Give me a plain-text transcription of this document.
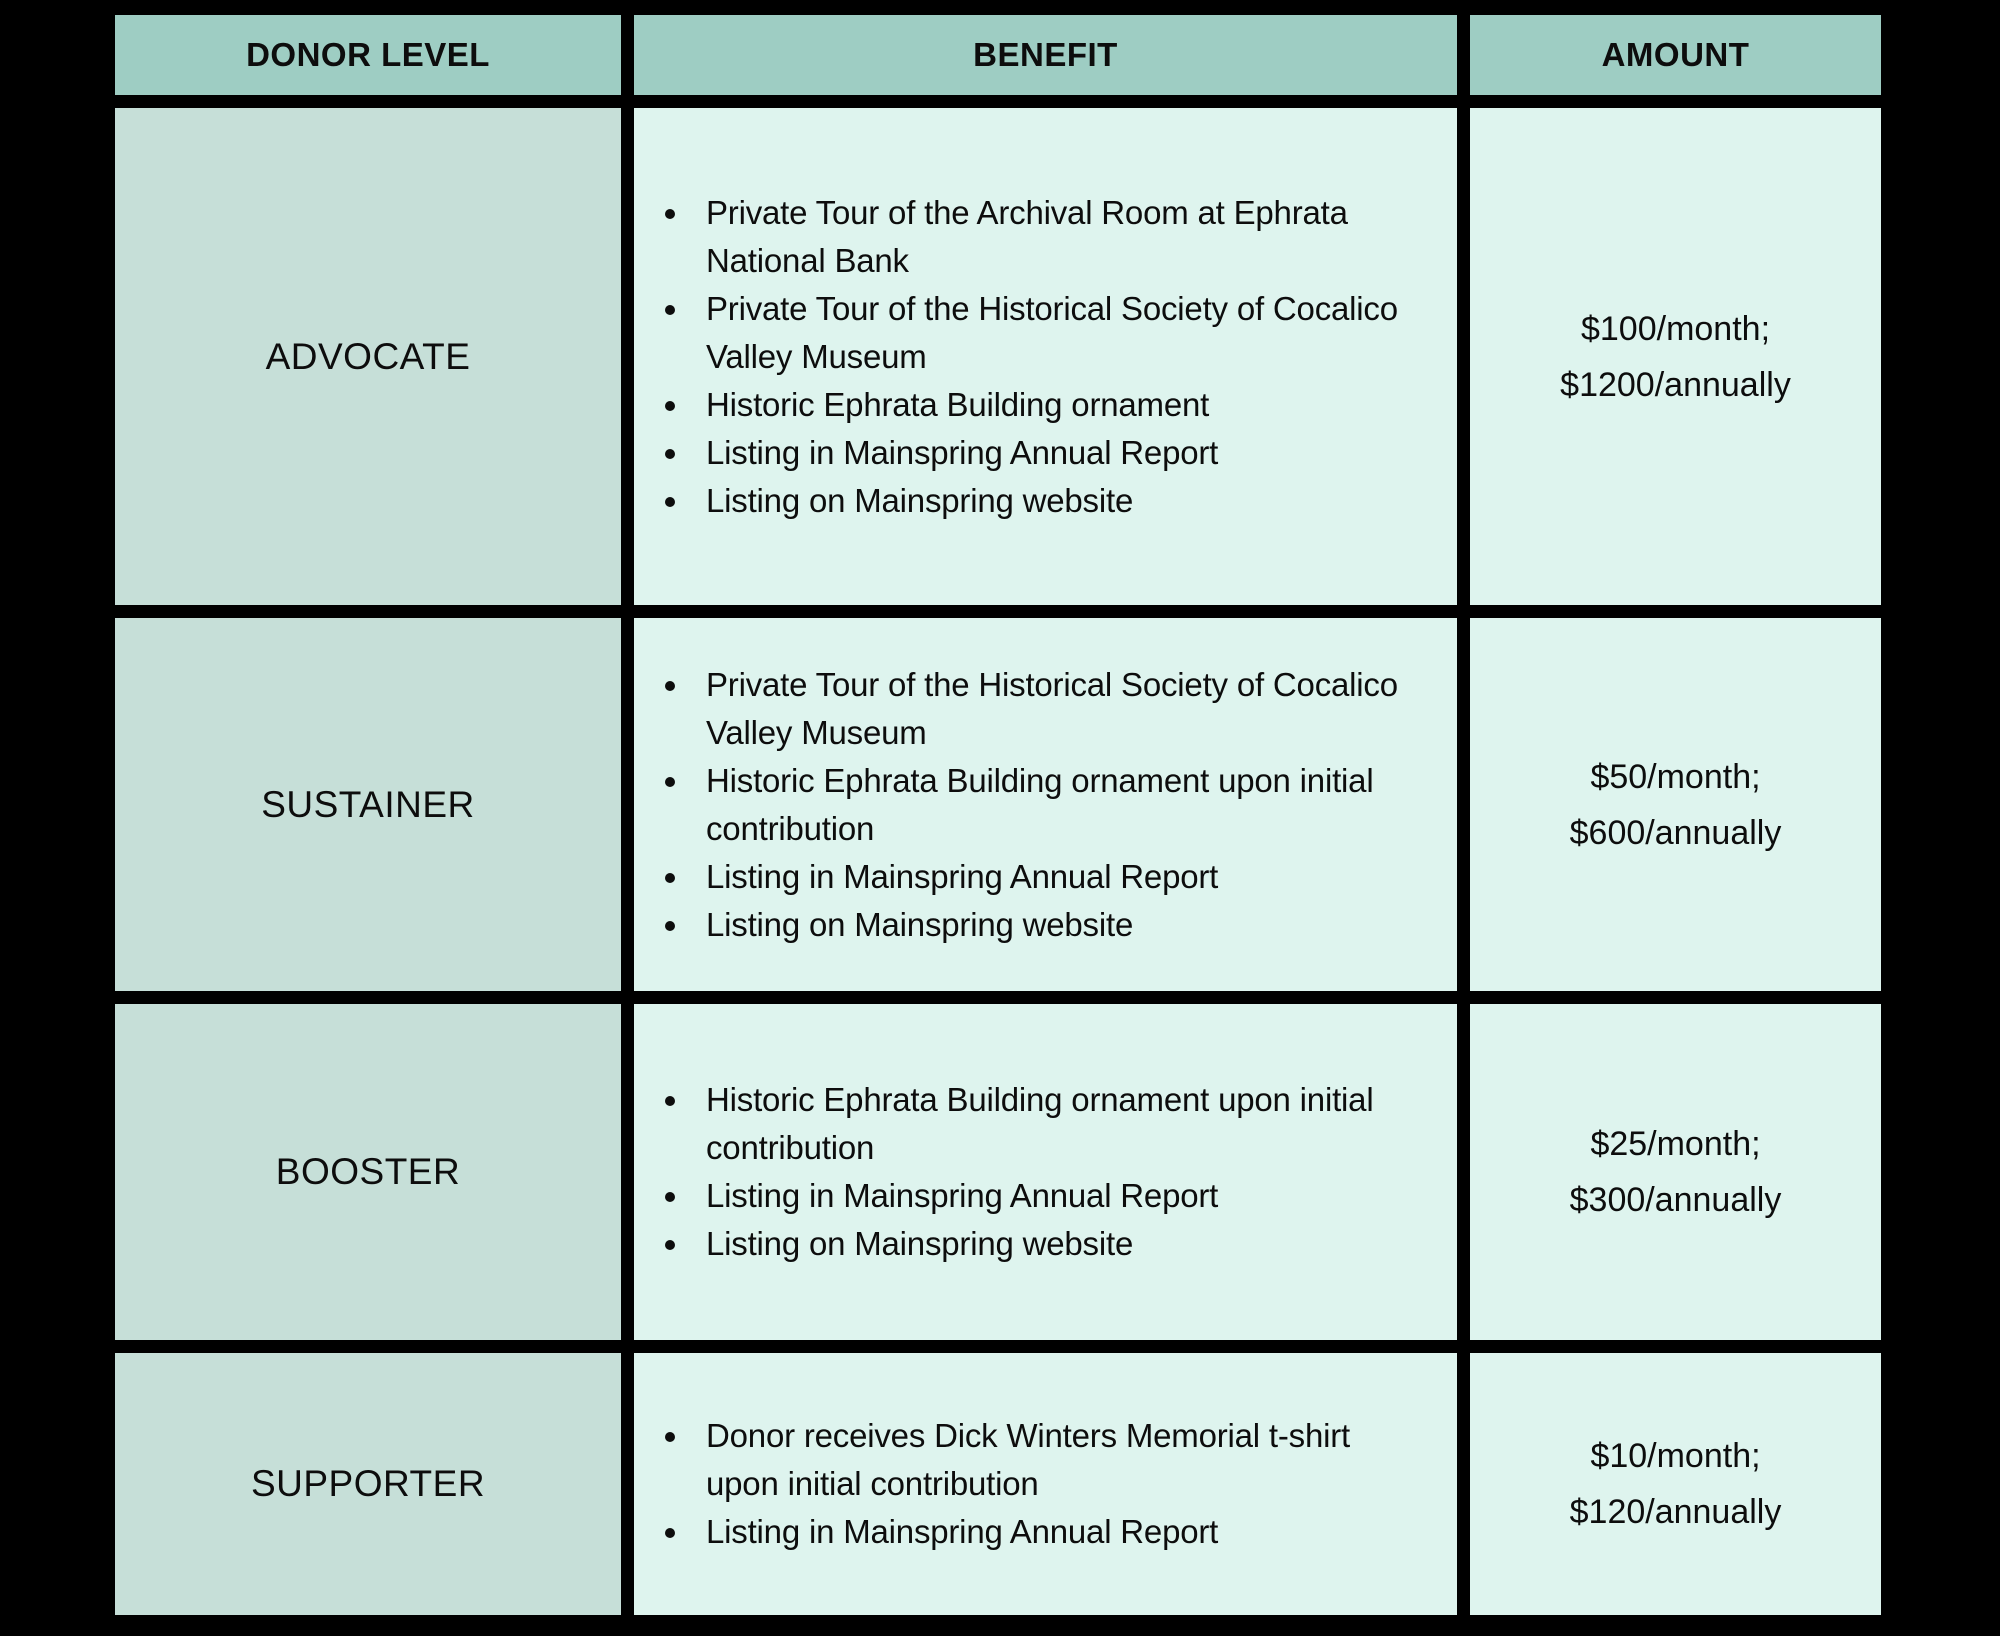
DONOR LEVEL	BENEFIT	AMOUNT
ADVOCATE
• Private Tour of the Archival Room at Ephrata National Bank
• Private Tour of the Historical Society of Cocalico Valley Museum
• Historic Ephrata Building ornament
• Listing in Mainspring Annual Report
• Listing on Mainspring website
$100/month;
$1200/annually
SUSTAINER
• Private Tour of the Historical Society of Cocalico Valley Museum
• Historic Ephrata Building ornament upon initial contribution
• Listing in Mainspring Annual Report
• Listing on Mainspring website
$50/month;
$600/annually
BOOSTER
• Historic Ephrata Building ornament upon initial contribution
• Listing in Mainspring Annual Report
• Listing on Mainspring website
$25/month;
$300/annually
SUPPORTER
• Donor receives Dick Winters Memorial t-shirt upon initial contribution
• Listing in Mainspring Annual Report
$10/month;
$120/annually
